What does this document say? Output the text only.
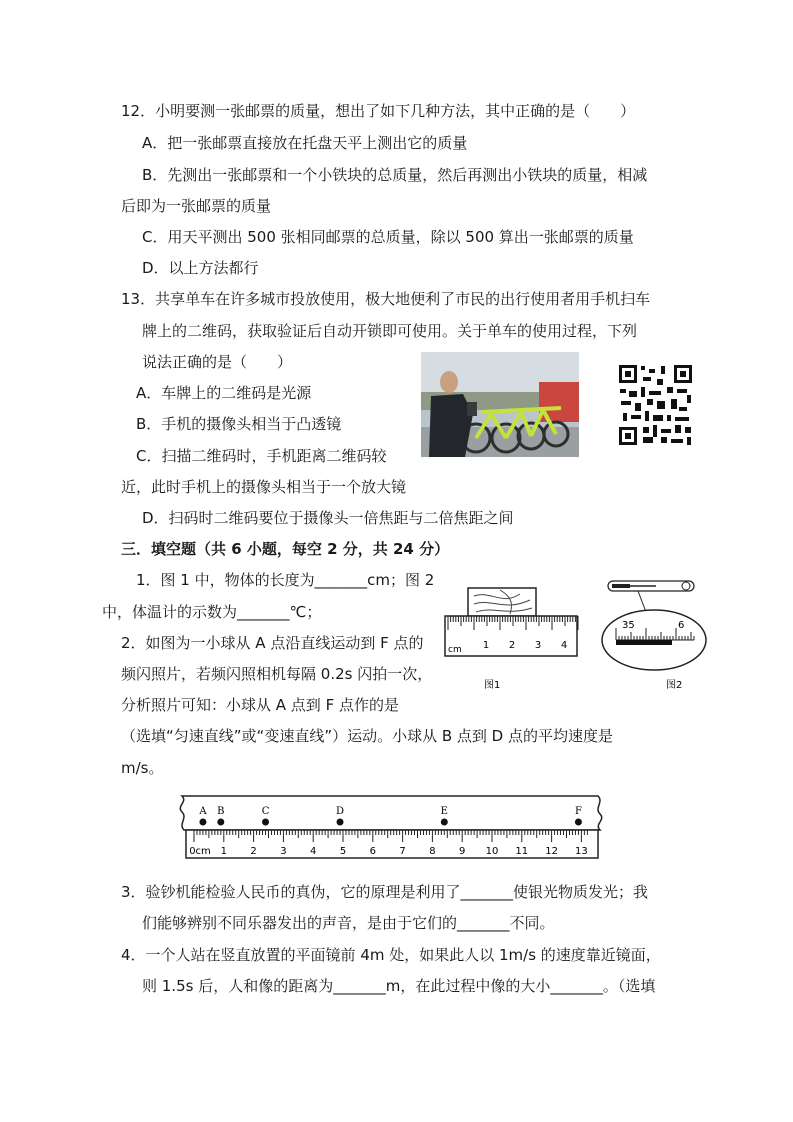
12．小明要测一张邮票的质量，想出了如下几种方法，其中正确的是（　　）
A．把一张邮票直接放在托盘天平上测出它的质量
B．先测出一张邮票和一个小铁块的总质量，然后再测出小铁块的质量，相减
后即为一张邮票的质量
C．用天平测出 500 张相同邮票的总质量，除以 500 算出一张邮票的质量
D．以上方法都行
13．共享单车在许多城市投放使用，极大地便利了市民的出行使用者用手机扫车
牌上的二维码，获取验证后自动开锁即可使用。关于单车的使用过程，下列
说法正确的是（　　）
A．车牌上的二维码是光源
B．手机的摄像头相当于凸透镜
C．扫描二维码时，手机距离二维码较
近，此时手机上的摄像头相当于一个放大镜
D．扫码时二维码要位于摄像头一倍焦距与二倍焦距之间
三．填空题（共 6 小题，每空 2 分，共 24 分）
1．图 1 中，物体的长度为_______cm；图 2
中，体温计的示数为_______℃；
2．如图为一小球从 A 点沿直线运动到 F 点的
频闪照片，若频闪照相机每隔 0.2s 闪拍一次，
分析照片可知：小球从 A 点到 F 点作的是
（选填“匀速直线”或“变速直线”）运动。小球从 B 点到 D 点的平均速度是
m/s。
cm 1 2 3 4
图1
35	6
图2
A B	C	D	E	F
0cm 1 2 3 4 5 6 7 8 9 10 11 12 13
3．验钞机能检验人民币的真伪，它的原理是利用了_______使银光物质发光；我
们能够辨别不同乐器发出的声音，是由于它们的_______不同。
4．一个人站在竖直放置的平面镜前 4m 处，如果此人以 1m/s 的速度靠近镜面，
则 1.5s 后，人和像的距离为_______m，在此过程中像的大小_______。（选填
